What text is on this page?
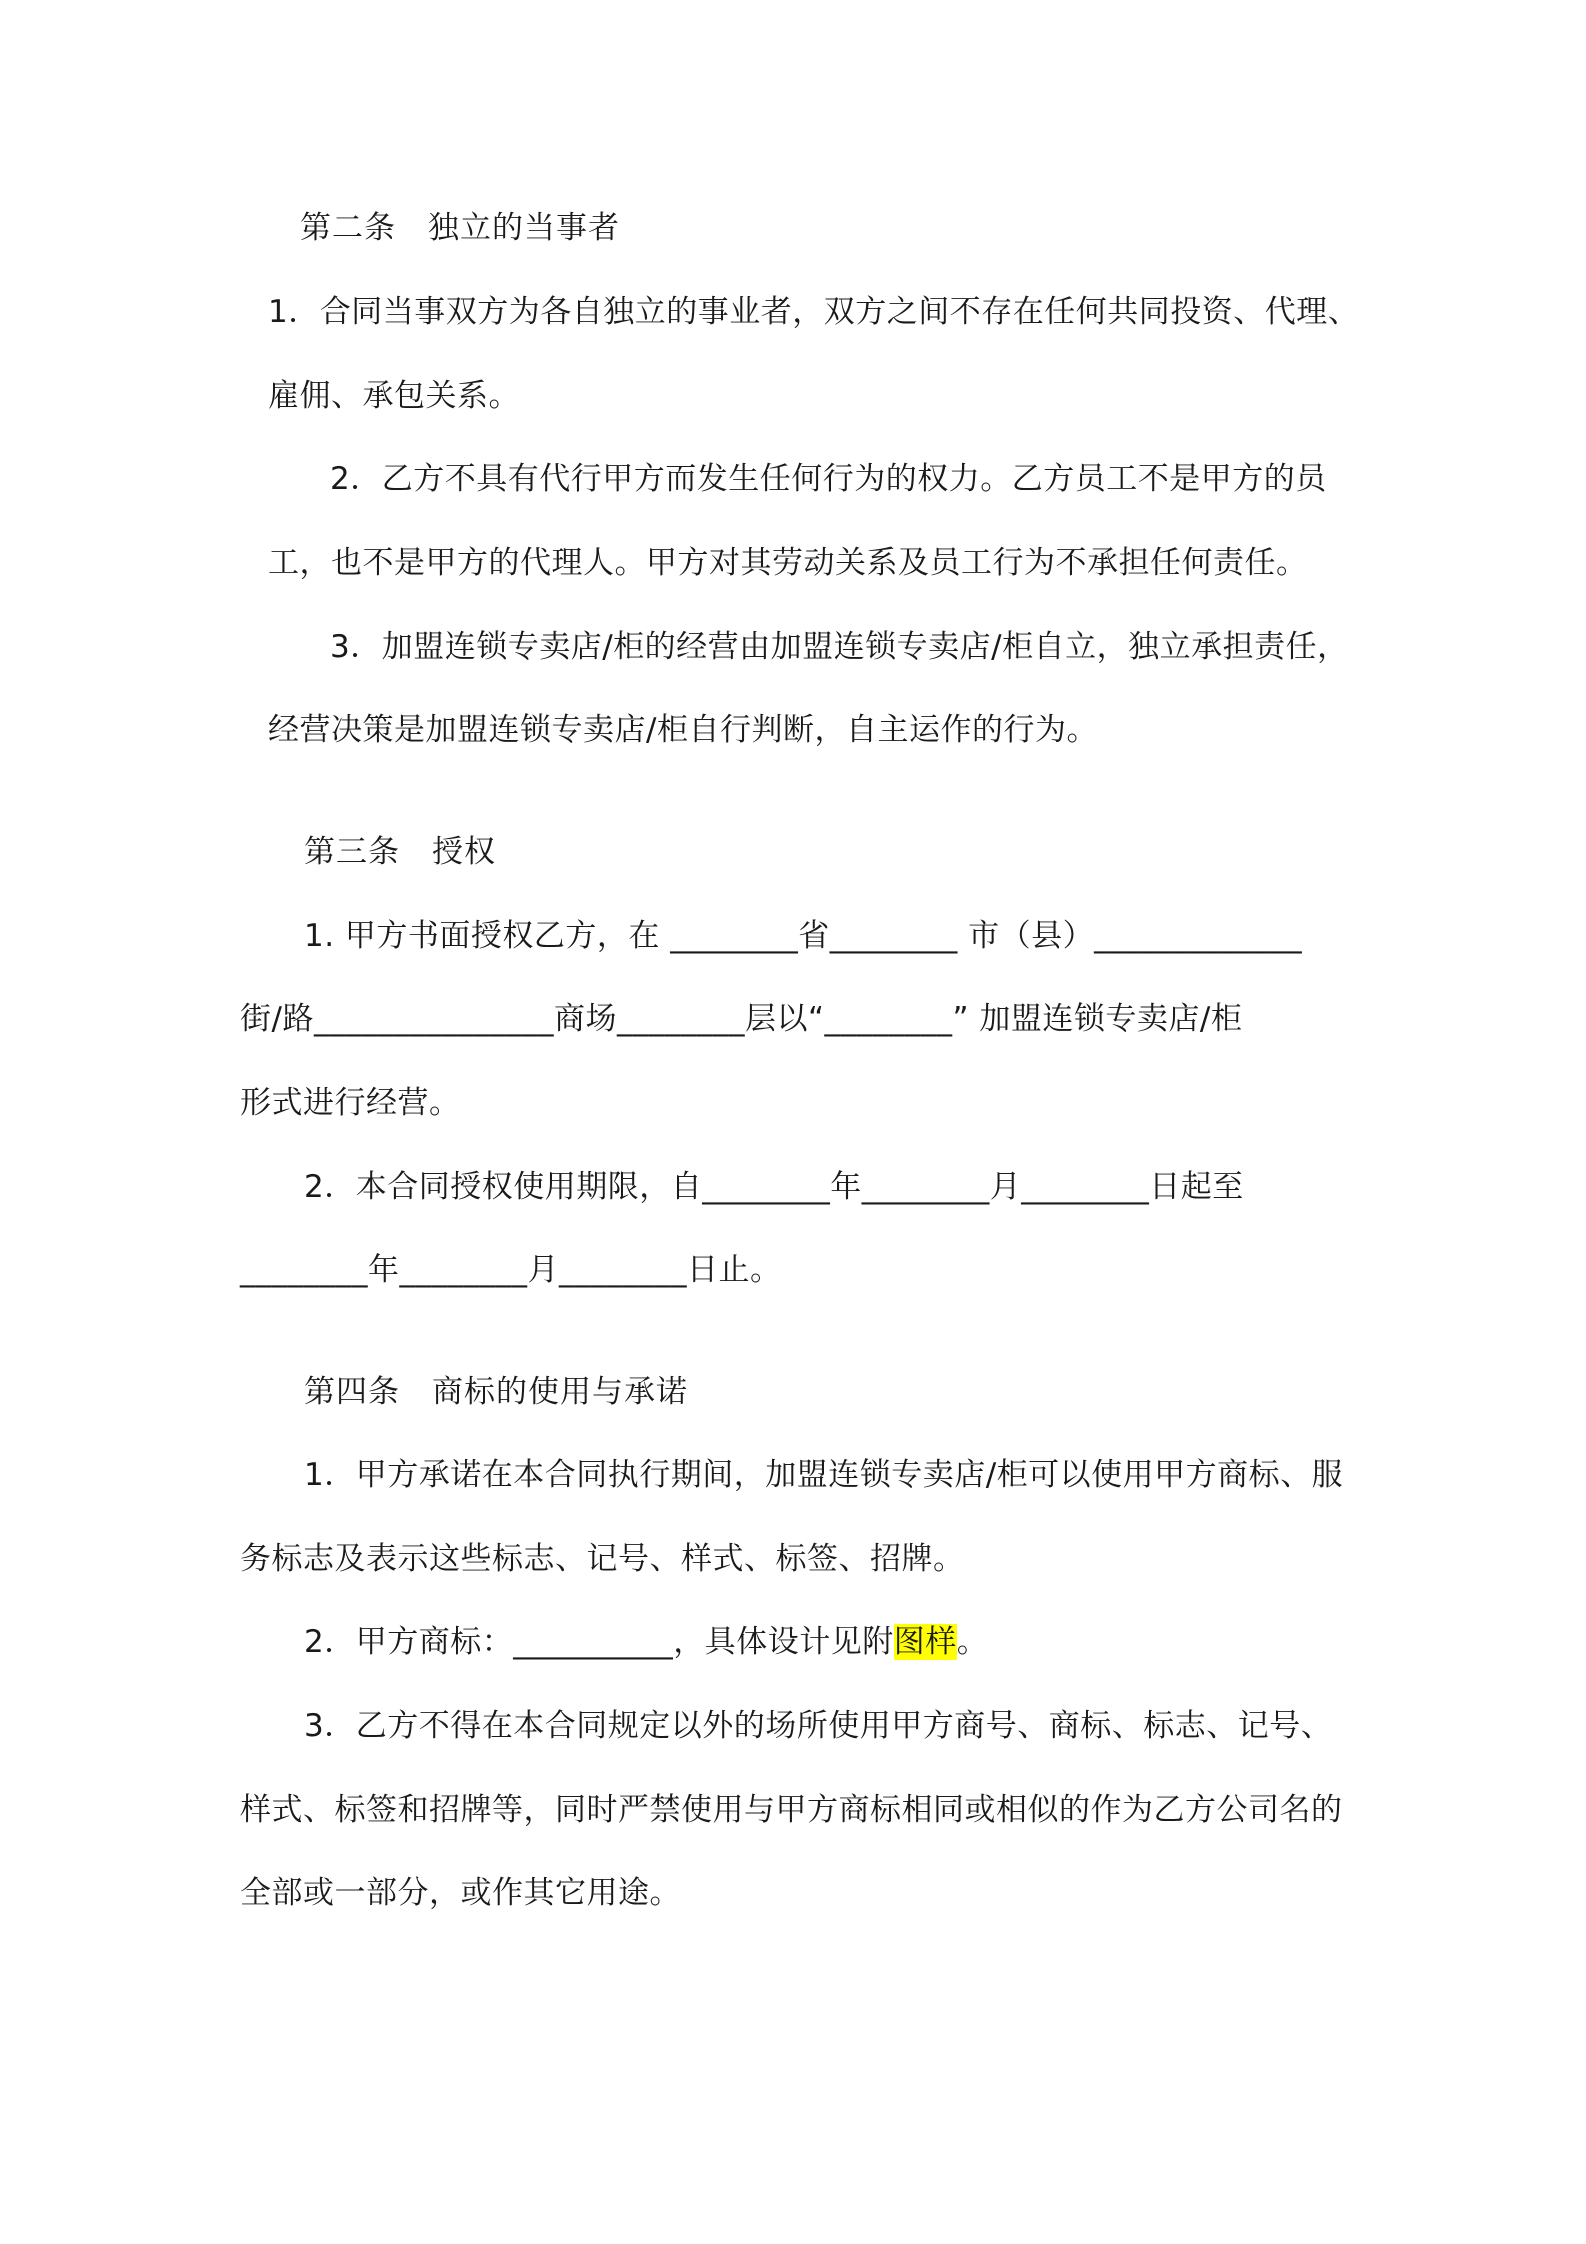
第二条　独立的当事者
1．合同当事双方为各自独立的事业者，双方之间不存在任何共同投资、代理、
雇佣、承包关系。
2．乙方不具有代行甲方而发生任何行为的权力。乙方员工不是甲方的员
工，也不是甲方的代理人。甲方对其劳动关系及员工行为不承担任何责任。
3．加盟连锁专卖店/柜的经营由加盟连锁专卖店/柜自立，独立承担责任，
经营决策是加盟连锁专卖店/柜自行判断，自主运作的行为。
第三条　授权
1. 甲方书面授权乙方，在 ________省________ 市（县）_____________
街/路_______________商场________层以“________” 加盟连锁专卖店/柜
形式进行经营。
2．本合同授权使用期限，自________年________月________日起至
________年________月________日止。
第四条　商标的使用与承诺
1．甲方承诺在本合同执行期间，加盟连锁专卖店/柜可以使用甲方商标、服
务标志及表示这些标志、记号、样式、标签、招牌。
2．甲方商标：__________，具体设计见附图样。
3．乙方不得在本合同规定以外的场所使用甲方商号、商标、标志、记号、
样式、标签和招牌等，同时严禁使用与甲方商标相同或相似的作为乙方公司名的
全部或一部分，或作其它用途。
